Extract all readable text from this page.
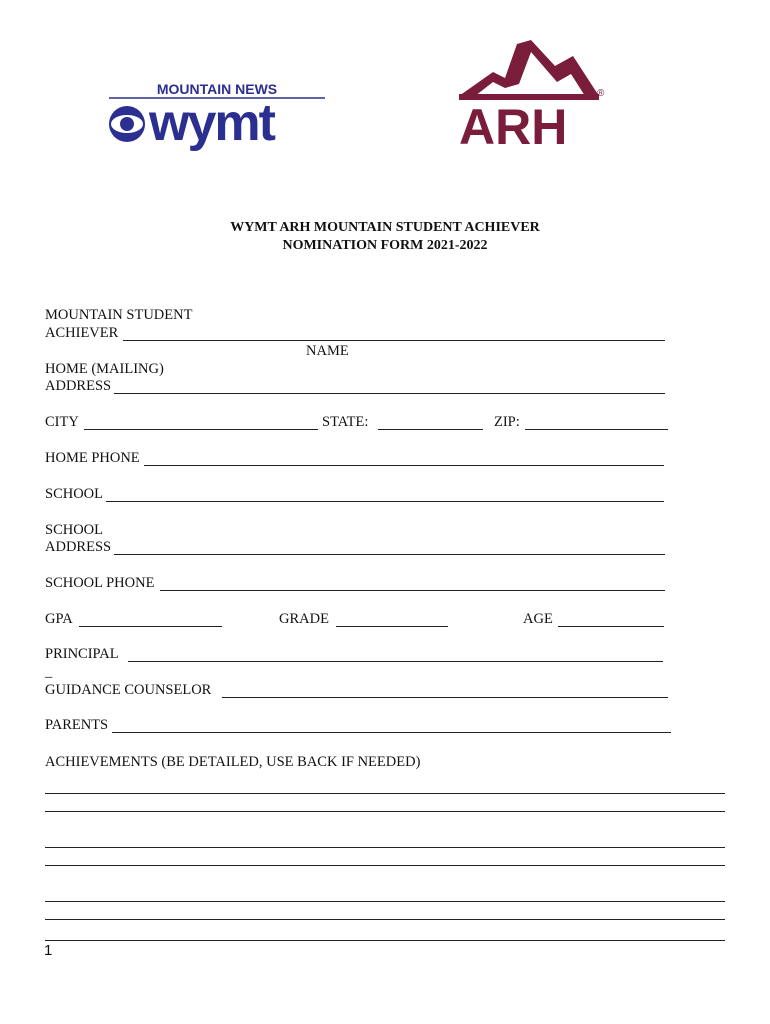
MOUNTAIN NEWS
wymt	ARH
®
WYMT ARH MOUNTAIN STUDENT ACHIEVER
NOMINATION FORM 2021-2022
MOUNTAIN STUDENT
ACHIEVER
NAME
HOME (MAILING)
ADDRESS
CITY	STATE:	ZIP:
HOME PHONE
SCHOOL
SCHOOL
ADDRESS
SCHOOL PHONE
GPA	GRADE	AGE
PRINCIPAL
_
GUIDANCE COUNSELOR
PARENTS
ACHIEVEMENTS (BE DETAILED, USE BACK IF NEEDED)
1
